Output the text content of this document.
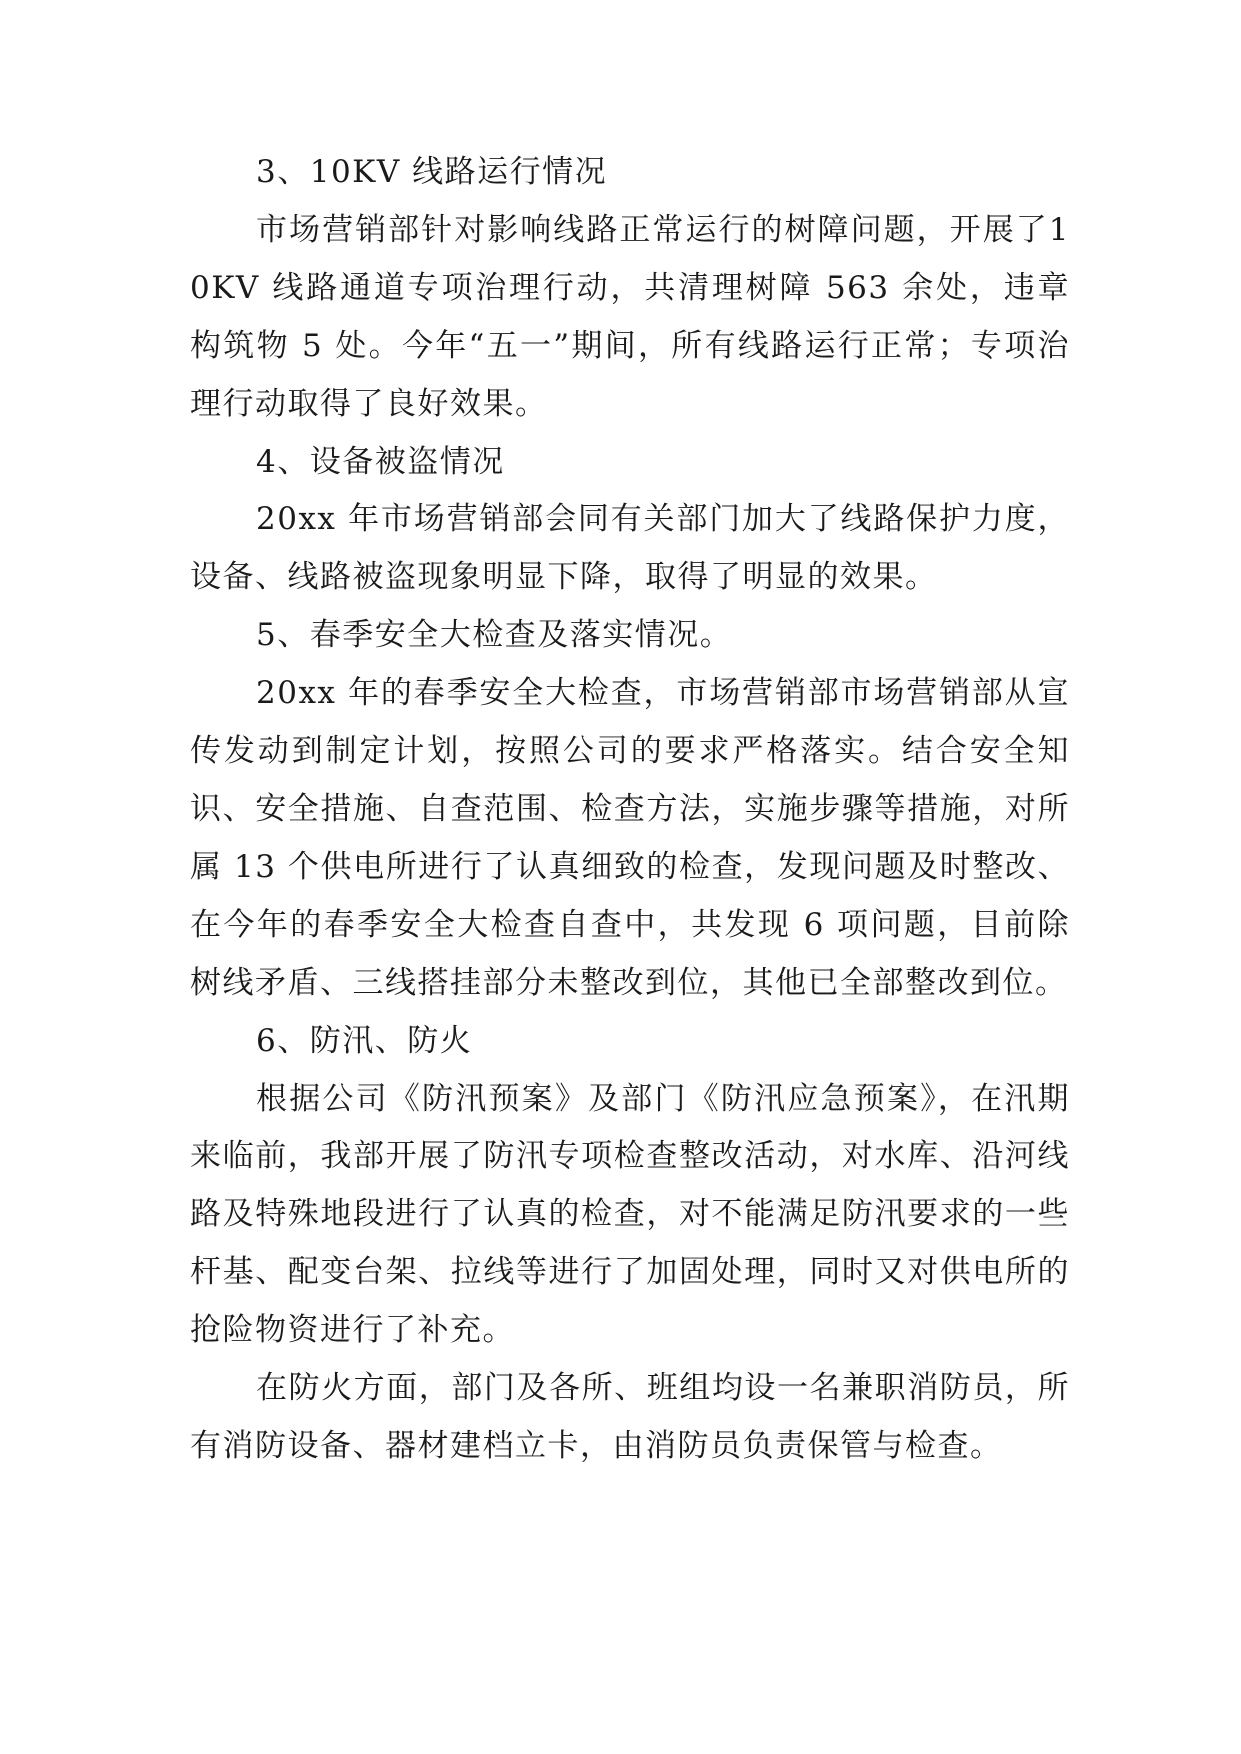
3、10KV 线路运行情况

市场营销部针对影响线路正常运行的树障问题，开展了10KV 线路通道专项治理行动，共清理树障 563 余处，违章构筑物 5 处。今年“五一”期间，所有线路运行正常；专项治理行动取得了良好效果。

4、设备被盗情况

20xx 年市场营销部会同有关部门加大了线路保护力度，设备、线路被盗现象明显下降，取得了明显的效果。

5、春季安全大检查及落实情况。

20xx 年的春季安全大检查，市场营销部市场营销部从宣传发动到制定计划，按照公司的要求严格落实。结合安全知识、安全措施、自查范围、检查方法，实施步骤等措施，对所属 13 个供电所进行了认真细致的检查，发现问题及时整改、在今年的春季安全大检查自查中，共发现 6 项问题，目前除树线矛盾、三线搭挂部分未整改到位，其他已全部整改到位。

6、防汛、防火

根据公司《防汛预案》及部门《防汛应急预案》，在汛期来临前，我部开展了防汛专项检查整改活动，对水库、沿河线路及特殊地段进行了认真的检查，对不能满足防汛要求的一些杆基、配变台架、拉线等进行了加固处理，同时又对供电所的抢险物资进行了补充。

在防火方面，部门及各所、班组均设一名兼职消防员，所有消防设备、器材建档立卡，由消防员负责保管与检查。
